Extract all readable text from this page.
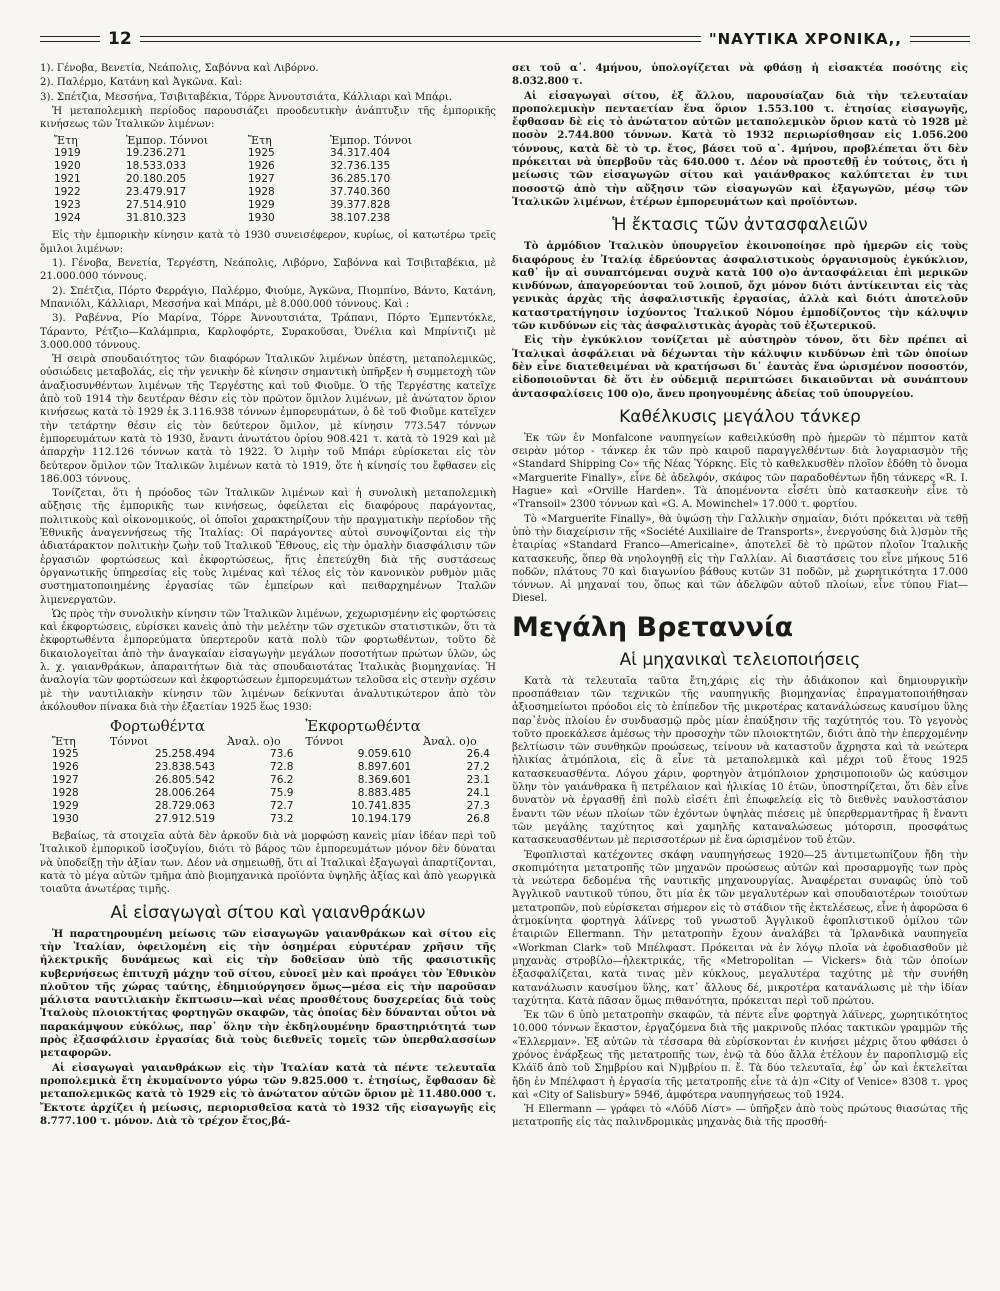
12	"ΝΑΥΤΙΚΑ ΧΡΟΝΙΚΑ,,

1). Γένοβα, Βενετία, Νεάπολις, Σαβόννα καὶ Λιβόρνο.

2). Παλέρμο, Κατάνη καὶ Ἀγκῶνα. Καὶ:

3). Σπέτζια, Μεσσήνα, Τσιβιταβέκια, Τόρρε Ἀννουτσιάτα, Κάλλιαρι καὶ Μπάρι.

Ἡ μεταπολεμικὴ περίοδος παρουσιάζει προοδευτικὴν ἀνάπτυξιν τῆς ἐμπορικῆς κινήσεως τῶν Ἰταλικῶν λιμένων:

Ἔτη	Ἐμπορ. Τόννοι	Ἔτη	Ἐμπορ. Τόννοι
1919	19.236.271	1925	34.317.404
1920	18.533.033	1926	32.736.135
1921	20.180.205	1927	36.285.170
1922	23.479.917	1928	37.740.360
1923	27.514.910	1929	39.377.828
1924	31.810.323	1930	38.107.238

Εἰς τὴν ἐμπορικὴν κίνησιν κατὰ τὸ 1930 συνεισέφερον, κυρίως, οἱ κατωτέρω τρεῖς ὅμιλοι λιμένων:

1). Γένοβα, Βενετία, Τεργέστη, Νεάπολις, Λιβόρνο, Σαβόννα καὶ Τσιβιταβέκια, μὲ 21.000.000 τόννους.

2). Σπέτζια, Πόρτο Φερράγιο, Παλέρμο, Φιούμε, Ἀγκῶνα, Πιομπίνο, Βάντο, Κατάνη, Μπανιόλι, Κάλλιαρι, Μεσσήνα καὶ Μπάρι, μὲ 8.000.000 τόννους. Καὶ :

3). Ραβέννα, Ρίο Μαρίνα, Τόρρε Ἀννουτσιάτα, Τράπανι, Πόρτο Ἐμπεντόκλε, Τάραντο, Ρέτζιο—Καλάμπρια, Καρλοφόρτε, Συρακοῦσαι, Ὀνέλια καὶ Μπρίντιζι μὲ 3.000.000 τόννους.

Ἡ σειρὰ σπουδαιότητος τῶν διαφόρων Ἰταλικῶν λιμένων ὑπέστη, μεταπολεμικῶς, οὐσιώδεις μεταβολάς, εἰς τὴν γενικὴν δὲ κίνησιν σημαντικὴ ὑπῆρξεν ἡ συμμετοχὴ τῶν ἀναξιοσυνθέντων λιμένων τῆς Τεργέστης καὶ τοῦ Φιοῦμε. Ὁ τῆς Τεργέστης κατεῖχε ἀπὸ τοῦ 1914 τὴν δευτέραν θέσιν εἰς τὸν πρῶτον ὅμιλον λιμένων, μὲ ἀνώτατον ὅριον κινήσεως κατὰ τὸ 1929 ἐκ 3.116.938 τόννων ἐμπορευμάτων, ὁ δὲ τοῦ Φιοῦμε κατεῖχεν τὴν τετάρτην θέσιν εἰς τὸν δεύτερον ὅμιλον, μὲ κίνησιν 773.547 τόννων ἐμπορευμάτων κατὰ τὸ 1930, ἔναντι ἀνωτάτου ὁρίου 908.421 τ. κατὰ τὸ 1929 καὶ μὲ ἀπαρχὴν 112.126 τόννων κατὰ τὸ 1922. Ὁ λιμὴν τοῦ Μπάρι εὑρίσκεται εἰς τὸν δεύτερον ὅμιλον τῶν Ἰταλικῶν λιμένων κατὰ τὸ 1919, ὅτε ἡ κίνησίς του ἔφθασεν εἰς 186.003 τόννους.

Τονίζεται, ὅτι ἡ πρόοδος τῶν Ἰταλικῶν λιμένων καὶ ἡ συνολικὴ μεταπολεμικὴ αὔξησις τῆς ἐμπορικῆς των κινήσεως, ὀφείλεται εἰς διαφόρους παράγοντας, πολιτικοὺς καὶ οἰκονομικούς, οἱ ὁποῖοι χαρακτηρίζουν τὴν πραγματικὴν περίοδον τῆς Ἐθνικῆς ἀναγεννήσεως τῆς Ἰταλίας: Οἱ παράγοντες αὐτοὶ συνοψίζονται εἰς τὴν ἀδιατάρακτον πολιτικὴν ζωὴν τοῦ Ἰταλικοῦ Ἔθνους, εἰς τὴν ὁμαλὴν διασφάλισιν τῶν ἐργασιῶν φορτώσεως καὶ ἐκφορτώσεως, ἥτις ἐπετεύχθη διὰ τῆς συστάσεως ὀργανωτικῆς ὑπηρεσίας εἰς τοὺς λιμένας καὶ τέλος εἰς τὸν κανονικὸν ρυθμὸν μιᾶς συστηματοποιημένης ἐργασίας τῶν ἐμπείρων καὶ πειθαρχημένων Ἰταλῶν λιμενεργατῶν.

Ὡς πρὸς τὴν συνολικὴν κίνησιν τῶν Ἰταλικῶν λιμένων, χεχωρισμένην εἰς φορτώσεις καὶ ἐκφορτώσεις, εὑρίσκει κανεὶς ἀπὸ τὴν μελέτην τῶν σχετικῶν στατιστικῶν, ὅτι τὰ ἐκφορτωθέντα ἐμπορεύματα ὑπερτεροῦν κατὰ πολὺ τῶν φορτωθέντων, τοῦτο δὲ δικαιολογεῖται ἀπὸ τὴν ἀναγκαίαν εἰσαγωγὴν μεγάλων ποσοτήτων πρώτων ὑλῶν, ὡς λ. χ. γαιανθράκων, ἀπαραιτήτων διὰ τὰς σπουδαιοτάτας Ἰταλικὰς βιομηχανίας. Ἡ ἀναλογία τῶν φορτώσεων καὶ ἐκφορτώσεων ἐμπορευμάτων τελοῦσα εἰς στενὴν σχέσιν μὲ τὴν ναυτιλιακὴν κίνησιν τῶν λιμένων δείκνυται ἀναλυτικώτερον ἀπὸ τὸν ἀκόλουθον πίνακα διὰ τὴν ἑξαετίαν 1925 ἕως 1930:

	Φορτωθέντα		Ἐκφορτωθέντα	
Ἔτη	Τόννοι	Ἀναλ. ο)ο	Τόννοι	Ἀναλ. ο)ο
1925	25.258.494	73.6	9.059.610	26.4
1926	23.838.543	72.8	8.897.601	27.2
1927	26.805.542	76.2	8.369.601	23.1
1928	28.006.264	75.9	8.883.485	24.1
1929	28.729.063	72.7	10.741.835	27.3
1930	27.912.519	73.2	10.194.179	26.8

Βεβαίως, τὰ στοιχεῖα αὐτὰ δὲν ἀρκοῦν διὰ νὰ μορφώσῃ κανεὶς μίαν ἰδέαν περὶ τοῦ Ἰταλικοῦ ἐμπορικοῦ ἰσοζυγίου, διότι τὸ βάρος τῶν ἐμπορευμάτων μόνον δὲν δύναται νὰ ὑποδείξῃ τὴν ἀξίαν των. Δέον νὰ σημειωθῇ, ὅτι αἱ Ἰταλικαὶ ἐξαγωγαὶ ἀπαρτίζονται, κατὰ τὸ μέγα αὐτῶν τμῆμα ἀπὸ βιομηχανικὰ προϊόντα ὑψηλῆς ἀξίας καὶ ἀπὸ γεωργικὰ τοιαῦτα ἀνωτέρας τιμῆς.

Αἱ εἰσαγωγαὶ σίτου καὶ γαιανθράκων

Ἡ παρατηρουμένη μείωσις τῶν εἰσαγωγῶν γαιανθράκων καὶ σίτου εἰς τὴν Ἰταλίαν, ὀφειλομένη εἰς τὴν ὁσημέραι εὐρυτέραν χρῆσιν τῆς ἠλεκτρικῆς δυνάμεως καὶ εἰς τὴν δοθεῖσαν ὑπὸ τῆς φασιστικῆς κυβερνήσεως ἐπιτυχῆ μάχην τοῦ σίτου, εὑνοεῖ μὲν καὶ προάγει τὸν Ἐθνικὸν πλοῦτον τῆς χώρας ταύτης, ἐδημιούργησεν ὅμως—μέσα εἰς τὴν παροῦσαν μάλιστα ναυτιλιακὴν ἔκπτωσιν—καὶ νέας προσθέτους δυσχερείας διὰ τοὺς Ἰταλοὺς πλοιοκτήτας φορτηγῶν σκαφῶν, τὰς ὁποίας δὲν δύνανται οὗτοι νὰ παρακάμψουν εὐκόλως, παρ᾽ ὅλην τὴν ἐκδηλουμένην δραστηριότητά των πρὸς ἐξασφάλισιν ἐργασίας διὰ τοὺς διεθνεῖς τομεῖς τῶν ὑπερθαλασσίων μεταφορῶν.

Αἱ εἰσαγωγαὶ γαιανθράκων εἰς τὴν Ἰταλίαν κατὰ τὰ πέντε τελευταῖα προπολεμικὰ ἔτη ἐκυμαίνοντο γύρω τῶν 9.825.000 τ. ἐτησίως, ἔφθασαν δὲ μεταπολεμικῶς κατὰ τὸ 1929 εἰς τὸ ἀνώτατον αὐτῶν ὅριον μὲ 11.480.000 τ. Ἔκτοτε ἀρχίζει ἡ μείωσις, περιορισθεῖσα κατὰ τὸ 1932 τῆς εἰσαγωγῆς εἰς 8.777.100 τ. μόνον. Διὰ τὸ τρέχον ἔτος,βά-

σει τοῦ α᾽. 4μήνου, ὑπολογίζεται νὰ φθάσῃ ἡ εἰσακτέα ποσότης εἰς 8.032.800 τ.

Αἱ εἰσαγωγαὶ σίτου, ἐξ ἄλλου, παρουσίαζαν διὰ τὴν τελευταίαν προπολεμικὴν πενταετίαν ἕνα ὅριον 1.553.100 τ. ἐτησίας εἰσαγωγῆς, ἔφθασαν δὲ εἰς τὸ ἀνώτατον αὐτῶν μεταπολεμικὸν ὅριον κατὰ τὸ 1928 μὲ ποσὸν 2.744.800 τόννων. Κατὰ τὸ 1932 περιωρίσθησαν εἰς 1.056.200 τόννους, κατὰ δὲ τὸ τρ. ἔτος, βάσει τοῦ α᾽. 4μήνου, προβλέπεται ὅτι δὲν πρόκειται νὰ ὑπερβοῦν τὰς 640.000 τ. Δέον νὰ προστεθῇ ἐν τούτοις, ὅτι ἡ μείωσις τῶν εἰσαγωγῶν σίτου καὶ γαιάνθρακος καλύπτεται ἐν τινι ποσοστῷ ἀπὸ τὴν αὔξησιν τῶν εἰσαγωγῶν καὶ ἐξαγωγῶν, μέσῳ τῶν Ἰταλικῶν λιμένων, ἑτέρων ἐμπορευμάτων καὶ προϊόντων.

Ἡ ἔκτασις τῶν ἀντασφαλειῶν

Τὸ ἁρμόδιον Ἰταλικὸν ὑπουργεῖον ἐκοινοποίησε πρὸ ἡμερῶν εἰς τοὺς διαφόρους ἐν Ἰταλίᾳ ἑδρεύοντας ἀσφαλιστικοὺς ὀργανισμοὺς ἐγκύκλιον, καθ᾽ ἣν αἱ συναπτόμεναι συχνὰ κατὰ 100 ο)ο ἀντασφάλειαι ἐπὶ μερικῶν κινδύνων, ἀπαγορεύονται τοῦ λοιποῦ, ὄχι μόνον διότι ἀντίκεινται εἰς τὰς γενικὰς ἀρχὰς τῆς ἀσφαλιστικῆς ἐργασίας, ἀλλὰ καὶ διότι ἀποτελοῦν καταστρατήγησιν ἰσχύοντος Ἰταλικοῦ Νόμου ἐμποδίζοντος τὴν κάλυψιν τῶν κινδύνων εἰς τὰς ἀσφαλιστικὰς ἀγορὰς τοῦ ἐξωτερικοῦ.

Εἰς τὴν ἐγκύκλιον τονίζεται μὲ αὐστηρὸν τόνον, ὅτι δὲν πρέπει αἱ Ἰταλικαὶ ἀσφάλειαι νὰ δέχωνται τὴν κάλυψιν κινδύνων ἐπὶ τῶν ὁποίων δὲν εἶνε διατεθειμέναι νὰ κρατήσωσι δι᾽ ἑαυτὰς ἕνα ὡρισμένον ποσοστόν, εἰδοποιοῦνται δὲ ὅτι ἐν οὐδεμιᾷ περιπτώσει δικαιοῦνται νὰ συνάπτουν ἀντασφαλίσεις 100 ο)ο, ἄνευ προηγουμένης ἀδείας τοῦ ὑπουργείου.

Καθέλκυσις μεγάλου τάνκερ

Ἐκ τῶν ἐν Monfalcone ναυπηγείων καθειλκύσθη πρὸ ἡμερῶν τὸ πέμπτον κατὰ σειρὰν μότορ - τάνκερ ἐκ τῶν πρὸ καιροῦ παραγγελθέντων διὰ λογαριασμὸν τῆς «Standard Shipping Co» τῆς Νέας Ὑόρκης. Εἰς τὸ καθελκυσθὲν πλοῖον ἐδόθη τὸ ὄνομα «Marguerite Finally», εἶνε δὲ ἀδελφόν, σκάφος τῶν παραδοθέντων ἤδη τάνκερς «R. I. Hague» καὶ «Orville Harden». Τὰ ἀπομένοντα εἶσέτι ὑπὸ κατασκευὴν εἶνε τὸ «Transoil» 2300 τόννων καὶ «G. A. Mowinchel» 17.000 τ. φορτίου.

Τὸ «Marguerite Finally», θὰ ὑψώσῃ τὴν Γαλλικὴν σημαίαν, διότι πρόκειται νὰ τεθῇ ὑπὸ τὴν διαχείρισιν τῆς «Société Auxiliaire de Transports», ἐνεργούσης διὰ λ)σμὸν τῆς ἑταιρίας «Standard Franco—Americaine», ἀποτελεῖ δὲ τὸ πρῶτον πλοῖον Ἰταλικῆς κατασκευῆς, ὅπερ θὰ νηολογηθῇ εἰς τὴν Γαλλίαν. Αἱ διαστάσεις του εἶνε μήκους 516 ποδῶν, πλάτους 70 καὶ διαγωνίου βάθους κυτῶν 31 ποδῶν, μὲ χωρητικότητα 17.000 τόννων. Αἱ μηχαναί του, ὅπως καὶ τῶν ἀδελφῶν αὐτοῦ πλοίων, εἶνε τύπου Fiat—Diesel.

Μεγάλη Βρεταννία
Αἱ μηχανικαὶ τελειοποιήσεις

Κατὰ τὰ τελευταῖα ταῦτα ἔτη,χάρις εἰς τὴν ἀδιάκοπον καὶ δημιουργικὴν προσπάθειαν τῶν τεχνικῶν τῆς ναυπηγικῆς βιομηχανίας ἐπραγματοποιήθησαν ἀξιοσημείωτοι πρόοδοι εἰς τὸ ἐπίπεδον τῆς μικροτέρας κατανάλώσεως καυσίμου ὕλης παρ᾽ἑνὸς πλοίου ἐν συνδυασμῷ πρὸς μίαν ἐπαύξησιν τῆς ταχύτητός του. Τὸ γεγονὸς τοῦτο προεκάλεσε ἀμέσως τὴν προσοχὴν τῶν πλοιοκτητῶν, διότι ἀπὸ τὴν ἐπερχομένην βελτίωσιν τῶν συνθηκῶν προώσεως, τείνουν νὰ καταστοῦν ἄχρηστα καὶ τὰ νεώτερα ἡλικίας ἀτμόπλοια, εἰς ἃ εἶνε τὰ μεταπολεμικὰ καὶ μέχρι τοῦ ἔτους 1925 κατασκευασθέντα. Λόγου χάριν, φορτηγὸν ἀτμόπλοιον χρησιμοποιοῦν ὡς καύσιμον ὕλην τὸν γαιάνθρακα ἢ πετρέλαιον καὶ ἡλικίας 10 ἐτῶν, ὑποστηρίζεται, ὅτι δὲν εἶνε δυνατὸν νὰ ἐργασθῇ ἐπὶ πολὺ εἰσέτι ἐπὶ ἐπωφελείᾳ εἰς τὸ διεθνὲς ναυλοστάσιον ἔναντι τῶν νέων πλοίων τῶν ἐχόντων ὑψηλὰς πιέσεις μὲ ὑπερθερμαντῆρας ἢ ἔναντι τῶν μεγάλης ταχύτητος καὶ χαμηλῆς καταναλώσεως μότορσιπ, προσφάτως κατασκευασθέντων μὲ περισσοτέρων μὲ ἕνα ὡρισμένον τοῦ ἐτῶν.

Ἐφοπλισταὶ κατέχοντες σκάφη ναυπηγήσεως 1920—25 ἀντιμετωπίζουν ἤδη τὴν σκοπιμότητα μετατροπῆς τῶν μηχανῶν προώσεως αὐτῶν καὶ προσαρμογῆς των πρὸς τὰ νεώτερα δεδομένα τῆς ναυτικῆς μηχανουργίας. Ἀναφέρεται συναφῶς ὑπὸ τοῦ Ἀγγλικοῦ ναυτικοῦ τύπου, ὅτι μία ἐκ τῶν μεγαλυτέρων καὶ σπουδαιοτέρων τοιούτων μετατροπῶν, ποὺ εὑρίσκεται σήμερον εἰς τὸ στάδιον τῆς ἐκτελέσεως, εἶνε ἡ ἀφορῶσα 6 ἀτμοκίνητα φορτηγὰ λάϊνερς τοῦ γνωστοῦ Ἀγγλικοῦ ἐφοπλιστικοῦ ὁμίλου τῶν ἑταιριῶν Ellermann. Τὴν μετατροπὴν ἔχουν ἀναλάβει τὰ Ἰρλανδικὰ ναυπηγεῖα «Workman Clark» τοῦ Μπέλφαστ. Πρόκειται νὰ ἐν λόγῳ πλοῖα νὰ ἐφοδιασθοῦν μὲ μηχανὰς στροβίλο—ἠλεκτρικάς, τῆς «Metropolitan — Vickers» διὰ τῶν ὁποίων ἐξασφαλίζεται, κατὰ τινας μὲν κύκλους, μεγαλυτέρα ταχύτης μὲ τὴν συνήθη κατανάλωσιν καυσίμου ὕλης, κατ᾽ ἄλλους δέ, μικροτέρα κατανάλωσις μὲ τὴν ἰδίαν ταχύτητα. Κατὰ πᾶσαν ὅμως πιθανότητα, πρόκειται περὶ τοῦ πρώτου.

Ἐκ τῶν 6 ὑπὸ μετατροπὴν σκαφῶν, τὰ πέντε εἶνε φορτηγὰ λάϊνερς, χωρητικότητος 10.000 τόννων ἕκαστον, ἐργαζόμενα διὰ τῆς μακρινοῦς πλόας τακτικῶν γραμμῶν τῆς «Ἑλλερμαν». Ἐξ αὐτῶν τὰ τέσσαρα θὰ εὑρίσκονται ἐν κινήσει μέχρις ὅτου φθάσει ὁ χρόνος ἐνάρξεως τῆς μετατροπῆς των, ἐνῷ τὰ δύο ἄλλα ἐτέλουν ἐν παροπλισμῷ εἰς Κλάϊδ ἀπὸ τοῦ Σημβρίου καὶ Ν)μβρίου π. ἔ. Τὰ δύο τελευταῖα, ἐφ᾽ ὧν καὶ ἐκτελεῖται ἤδη ἐν Μπέλφαστ ἡ ἐργασία τῆς μετατροπῆς εἶνε τὰ ἀ)π «City of Venice» 8308 τ. γρος καὶ «City of Salisbury» 5946, ἀμφότερα ναυπηγήσεως τοῦ 1924.

Ἡ Ellermann — γράφει τὸ «Λόϋδ Λίστ» — ὑπῆρξεν ἀπὸ τοὺς πρώτους θιασώτας τῆς μετατροπῆς εἰς τὰς παλινδρομικὰς μηχανὰς διὰ τῆς προσθή-
